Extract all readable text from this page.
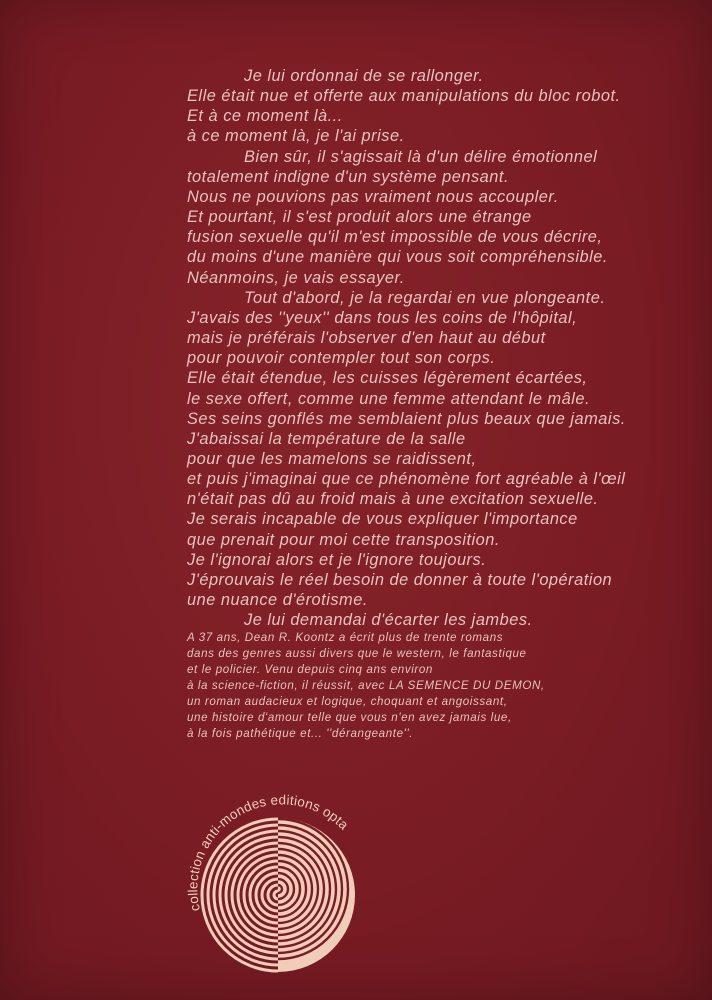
Je lui ordonnai de se rallonger.
Elle était nue et offerte aux manipulations du bloc robot.
Et à ce moment là...
à ce moment là, je l'ai prise.
Bien sûr, il s'agissait là d'un délire émotionnel
totalement indigne d'un système pensant.
Nous ne pouvions pas vraiment nous accoupler.
Et pourtant, il s'est produit alors une étrange
fusion sexuelle qu'il m'est impossible de vous décrire,
du moins d'une manière qui vous soit compréhensible.
Néanmoins, je vais essayer.
Tout d'abord, je la regardai en vue plongeante.
J'avais des ''yeux'' dans tous les coins de l'hôpital,
mais je préférais l'observer d'en haut au début
pour pouvoir contempler tout son corps.
Elle était étendue, les cuisses légèrement écartées,
le sexe offert, comme une femme attendant le mâle.
Ses seins gonflés me semblaient plus beaux que jamais.
J'abaissai la température de la salle
pour que les mamelons se raidissent,
et puis j'imaginai que ce phénomène fort agréable à l'œil
n'était pas dû au froid mais à une excitation sexuelle.
Je serais incapable de vous expliquer l'importance
que prenait pour moi cette transposition.
Je l'ignorai alors et je l'ignore toujours.
J'éprouvais le réel besoin de donner à toute l'opération
une nuance d'érotisme.
Je lui demandai d'écarter les jambes.
A 37 ans, Dean R. Koontz a écrit plus de trente romans
dans des genres aussi divers que le western, le fantastique
et le policier. Venu depuis cinq ans environ
à la science-fiction, il réussit, avec LA SEMENCE DU DEMON,
un roman audacieux et logique, choquant et angoissant,
une histoire d'amour telle que vous n'en avez jamais lue,
à la fois pathétique et... ''dérangeante''.
collection anti-mondes editions opta
